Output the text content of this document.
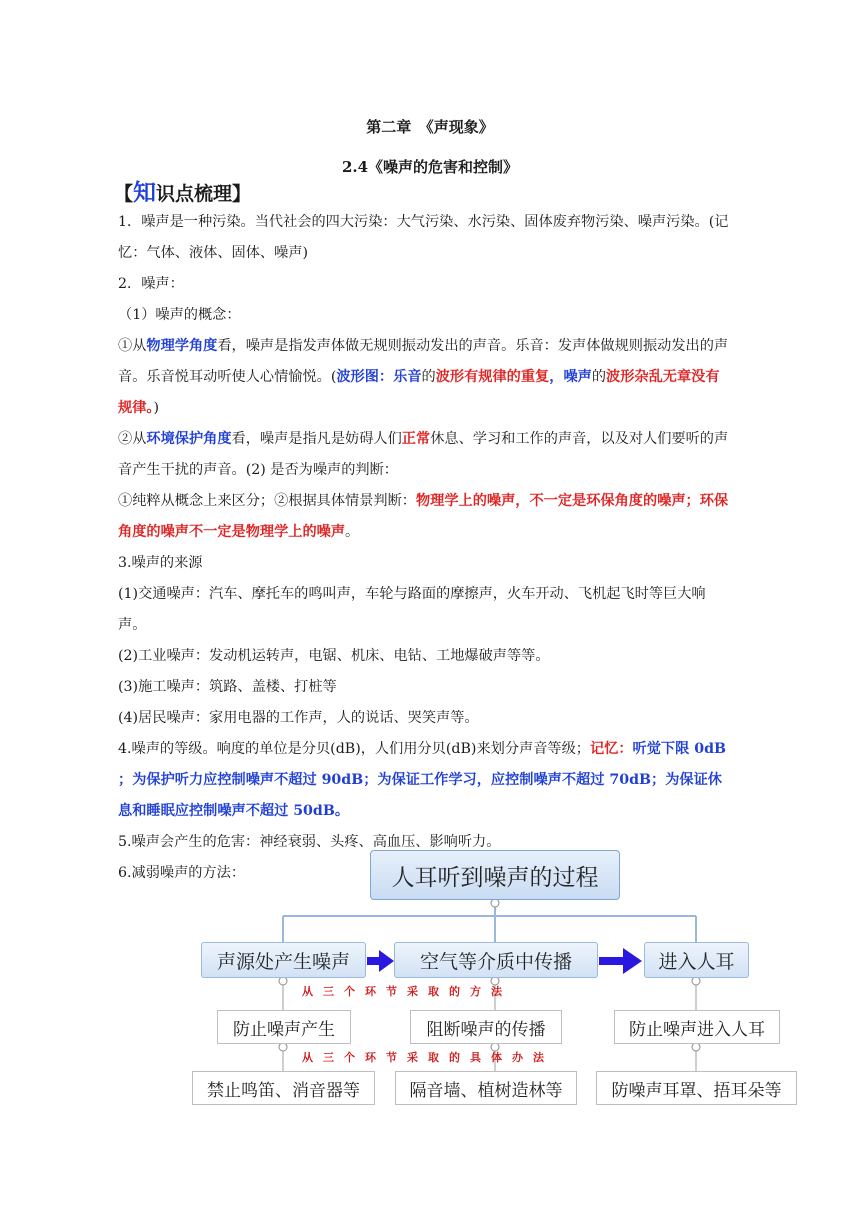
第二章　《声现象》
2.4《噪声的危害和控制》
【知识点梳理】

1．噪声是一种污染。当代社会的四大污染：大气污染、水污染、固体废弃物污染、噪声污染。(记忆：气体、液体、固体、噪声)

2．噪声：

（1）噪声的概念：

①从物理学角度看，噪声是指发声体做无规则振动发出的声音。乐音：发声体做规则振动发出的声音。乐音悦耳动听使人心情愉悦。(波形图：乐音的波形有规律的重复，噪声的波形杂乱无章没有规律。)

②从环境保护角度看，噪声是指凡是妨碍人们正常休息、学习和工作的声音，以及对人们要听的声音产生干扰的声音。(2) 是否为噪声的判断：

①纯粹从概念上来区分；②根据具体情景判断：物理学上的噪声，不一定是环保角度的噪声；环保角度的噪声不一定是物理学上的噪声。

3.噪声的来源

(1)交通噪声：汽车、摩托车的鸣叫声，车轮与路面的摩擦声，火车开动、飞机起飞时等巨大响声。

(2)工业噪声：发动机运转声，电锯、机床、电钻、工地爆破声等等。

(3)施工噪声：筑路、盖楼、打桩等

(4)居民噪声：家用电器的工作声，人的说话、哭笑声等。

4.噪声的等级。响度的单位是分贝(dB)，人们用分贝(dB)来划分声音等级；记忆：听觉下限 0dB ；为保护听力应控制噪声不超过 90dB；为保证工作学习，应控制噪声不超过 70dB；为保证休息和睡眠应控制噪声不超过 50dB。

5.噪声会产生的危害：神经衰弱、头疼、高血压、影响听力。

6.减弱噪声的方法：	人耳听到噪声的过程
声源处产生噪声	空气等介质中传播	进入人耳
从三个环节采取的方法
防止噪声产生	阻断噪声的传播	防止噪声进入人耳
从三个环节采取的具体办法
禁止鸣笛、消音器等	隔音墙、植树造林等	防噪声耳罩、捂耳朵等
